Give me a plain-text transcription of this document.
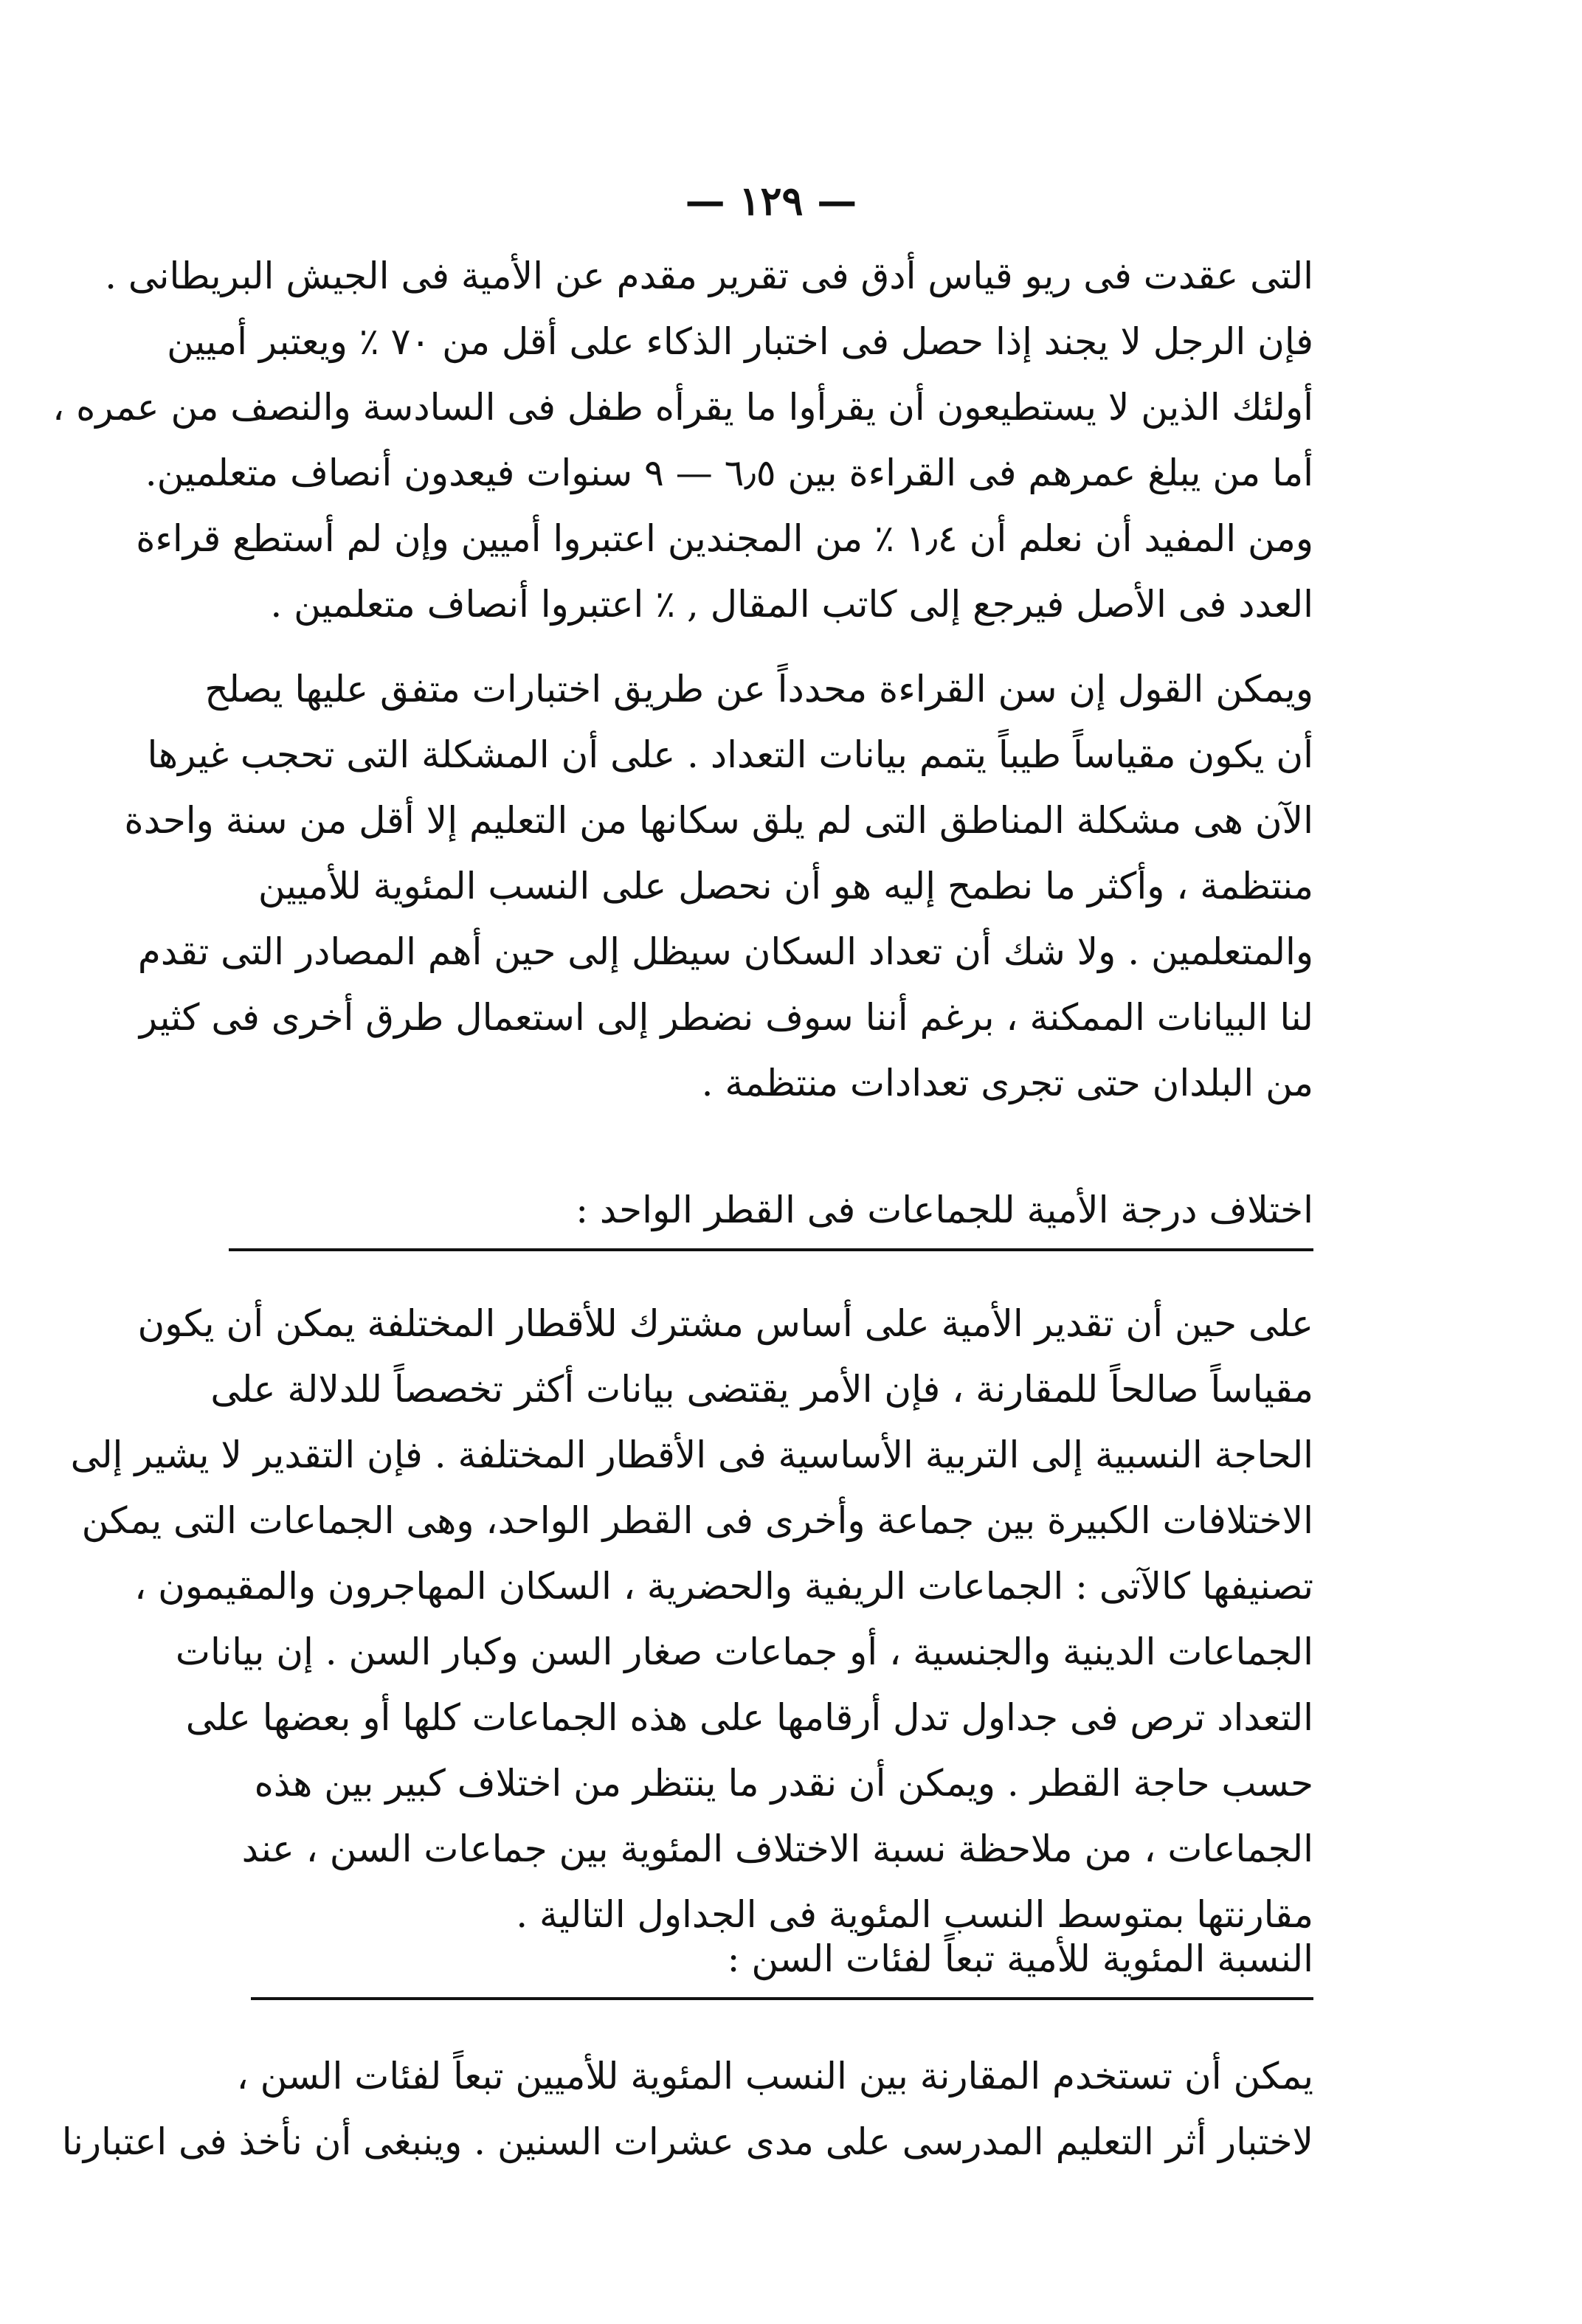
— ١٢٩ —

التى عقدت فى ريو قياس أدق فى تقرير مقدم عن الأمية فى الجيش البريطانى .
فإن الرجل لا يجند إذا حصل فى اختبار الذكاء على أقل من ٧٠ ٪ ويعتبر أميين
أولئك الذين لا يستطيعون أن يقرأوا ما يقرأه طفل فى السادسة والنصف من عمره ،
أما من يبلغ عمرهم فى القراءة بين ٦٫٥ — ٩ سنوات فيعدون أنصاف متعلمين.
ومن المفيد أن نعلم أن ١٫٤ ٪ من المجندين اعتبروا أميين وإن لم أستطع قراءة
العدد فى الأصل فيرجع إلى كاتب المقال , ٪ اعتبروا أنصاف متعلمين .

ويمكن القول إن سن القراءة محدداً عن طريق اختبارات متفق عليها يصلح
أن يكون مقياساً طيباً يتمم بيانات التعداد . على أن المشكلة التى تحجب غيرها
الآن هى مشكلة المناطق التى لم يلق سكانها من التعليم إلا أقل من سنة واحدة
منتظمة ، وأكثر ما نطمح إليه هو أن نحصل على النسب المئوية للأميين
والمتعلمين . ولا شك أن تعداد السكان سيظل إلى حين أهم المصادر التى تقدم
لنا البيانات الممكنة ، برغم أننا سوف نضطر إلى استعمال طرق أخرى فى كثير
من البلدان حتى تجرى تعدادات منتظمة .

اختلاف درجة الأمية للجماعات فى القطر الواحد :

على حين أن تقدير الأمية على أساس مشترك للأقطار المختلفة يمكن أن يكون
مقياساً صالحاً للمقارنة ، فإن الأمر يقتضى بيانات أكثر تخصصاً للدلالة على
الحاجة النسبية إلى التربية الأساسية فى الأقطار المختلفة . فإن التقدير لا يشير إلى
الاختلافات الكبيرة بين جماعة وأخرى فى القطر الواحد، وهى الجماعات التى يمكن
تصنيفها كالآتى : الجماعات الريفية والحضرية ، السكان المهاجرون والمقيمون ،
الجماعات الدينية والجنسية ، أو جماعات صغار السن وكبار السن . إن بيانات
التعداد ترص فى جداول تدل أرقامها على هذه الجماعات كلها أو بعضها على
حسب حاجة القطر . ويمكن أن نقدر ما ينتظر من اختلاف كبير بين هذه
الجماعات ، من ملاحظة نسبة الاختلاف المئوية بين جماعات السن ، عند
مقارنتها بمتوسط النسب المئوية فى الجداول التالية .

النسبة المئوية للأمية تبعاً لفئات السن :

يمكن أن تستخدم المقارنة بين النسب المئوية للأميين تبعاً لفئات السن ،
لاختبار أثر التعليم المدرسى على مدى عشرات السنين . وينبغى أن نأخذ فى اعتبارنا
